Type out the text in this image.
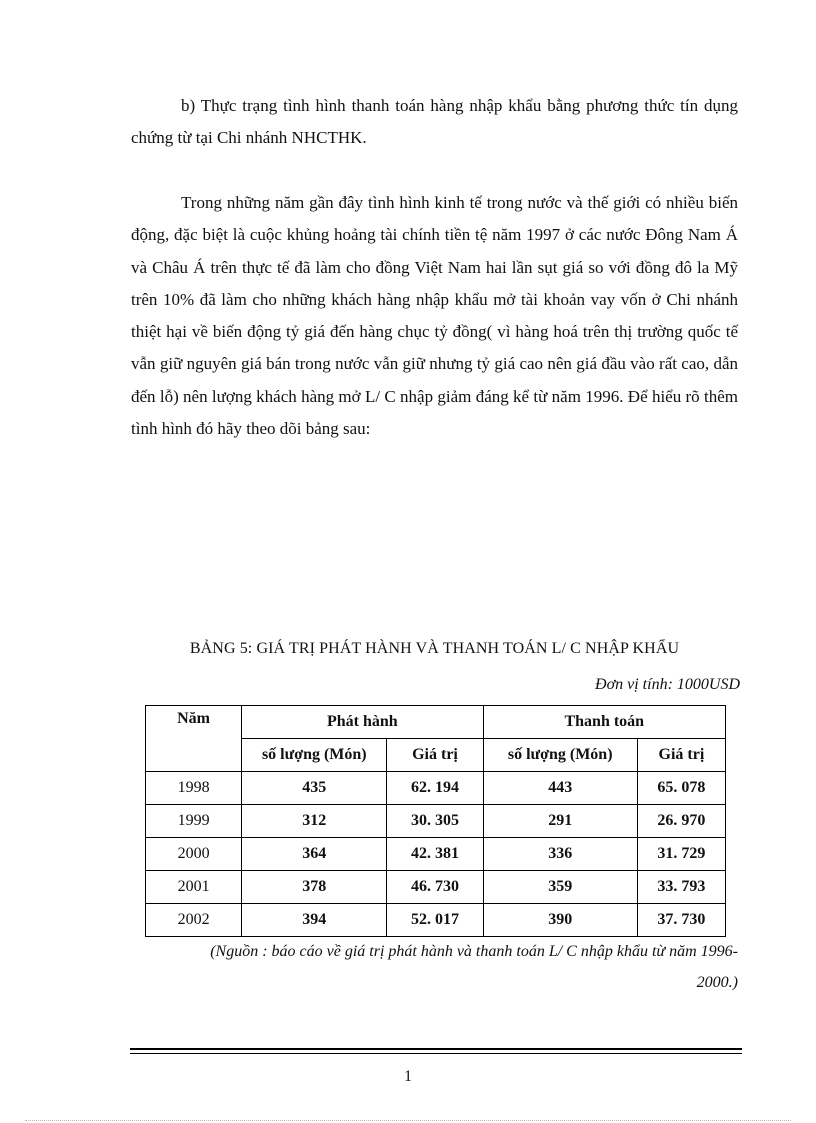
b) Thực trạng tình hình thanh toán hàng nhập khẩu bằng phương thức tín dụng chứng từ tại Chi nhánh NHCTHK.

Trong những năm gần đây tình hình kinh tế trong nước và thế giới có nhiều biến động, đặc biệt là cuộc khủng hoảng tài chính tiền tệ năm 1997 ở các nước Đông Nam Á và Châu Á trên thực tế đã làm cho đồng Việt Nam hai lần sụt giá so với đồng đô la Mỹ trên 10% đã làm cho những khách hàng nhập khẩu mở tài khoản vay vốn ở Chi nhánh thiệt hại về biến động tỷ giá đến hàng chục tỷ đồng( vì hàng hoá trên thị trường quốc tế vẫn giữ nguyên giá bán trong nước vẫn giữ nhưng tỷ giá cao nên giá đầu vào rất cao, dẫn đến lỗ) nên lượng khách hàng mở L/ C nhập giảm đáng kể từ năm 1996. Để hiểu rõ thêm tình hình đó hãy theo dõi bảng sau:

BẢNG 5: GIÁ TRỊ PHÁT HÀNH VÀ THANH TOÁN L/ C NHẬP KHẨU

Đơn vị tính: 1000USD

Năm	Phát hành		Thanh toán	
	số lượng (Món)	Giá trị	số lượng (Món)	Giá trị
1998	435	62. 194	443	65. 078
1999	312	30. 305	291	26. 970
2000	364	42. 381	336	31. 729
2001	378	46. 730	359	33. 793
2002	394	52. 017	390	37. 730

(Nguồn : báo cáo về giá trị phát hành và thanh toán L/ C nhập khẩu từ năm 1996-2000.)

1
